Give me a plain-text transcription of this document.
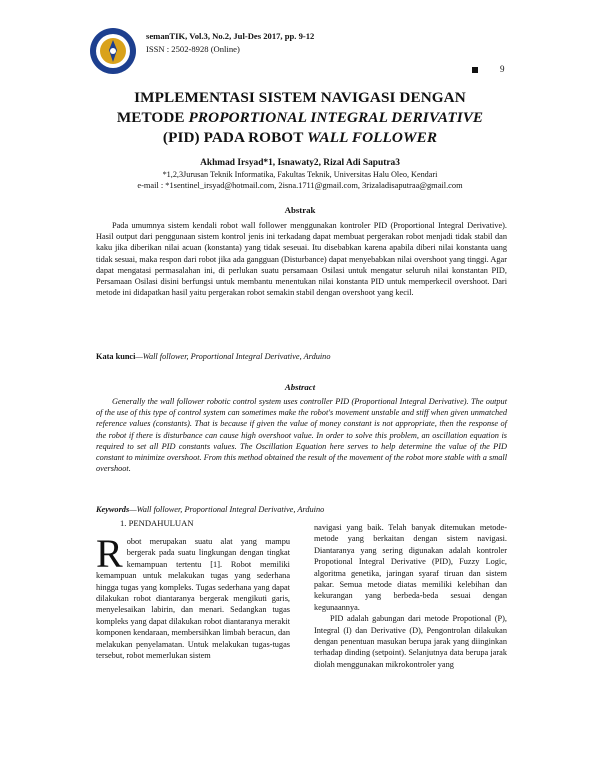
semanTIK, Vol.3, No.2, Jul-Des 2017, pp. 9-12
ISSN : 2502-8928 (Online)
9
IMPLEMENTASI SISTEM NAVIGASI DENGAN
METODE PROPORTIONAL INTEGRAL DERIVATIVE
(PID) PADA ROBOT WALL FOLLOWER
Akhmad Irsyad*1, Isnawaty2, Rizal Adi Saputra3
*1,2,3Jurusan Teknik Informatika, Fakultas Teknik, Universitas Halu Oleo, Kendari
e-mail : *1sentinel_irsyad@hotmail.com, 2isna.1711@gmail.com, 3rizaladisaputraa@gmail.com
Abstrak
Pada umumnya sistem kendali robot wall follower menggunakan kontroler PID (Proportional Integral Derivative). Hasil output dari penggunaan sistem kontrol jenis ini terkadang dapat membuat pergerakan robot menjadi tidak stabil dan kaku jika diberikan nilai acuan (konstanta) yang tidak seseuai. Itu disebabkan karena apabila diberi nilai konstanta uang tidak sesuai, maka respon dari robot jika ada gangguan (Disturbance) dapat menyebabkan nilai overshoot yang tinggi. Agar dapat mengatasi permasalahan ini, di perlukan suatu persamaan Osilasi untuk mengatur seluruh nilai konstantan PID, Persamaan Osilasi disini berfungsi untuk membantu menentukan nilai konstanta PID untuk memperkecil overshoot. Dari metode ini didapatkan hasil yaitu pergerakan robot semakin stabil dengan overshoot yang kecil.
Kata kunci—Wall follower, Proportional Integral Derivative, Arduino
Abstract
Generally the wall follower robotic control system uses controller PID (Proportional Integral Derivative). The output of the use of this type of control system can sometimes make the robot's movement unstable and stiff when given unmatched reference values (constants). That is because if given the value of money constant is not appropriate, then the response of the robot if there is disturbance can cause high overshoot value. In order to solve this problem, an oscillation equation is required to set all PID constants values. The Oscillation Equation here serves to help determine the value of the PID constant to minimize overshoot. From this method obtained the result of the movement of the robot more stable with a small overshoot.
Keywords—Wall follower, Proportional Integral Derivative, Arduino
1. PENDAHULUAN
Robot merupakan suatu alat yang mampu bergerak pada suatu lingkungan dengan tingkat kemampuan tertentu [1]. Robot memiliki kemampuan untuk melakukan tugas yang sederhana hingga tugas yang kompleks. Tugas sederhana yang dapat dilakukan robot diantaranya bergerak mengikuti garis, menyelesaikan labirin, dan menari. Sedangkan tugas kompleks yang dapat dilakukan robot diantaranya merakit komponen kendaraan, membersihkan limbah beracun, dan melakukan penyelamatan. Untuk melakukan tugas-tugas tersebut, robot memerlukan sistem

navigasi yang baik. Telah banyak ditemukan metode-metode yang berkaitan dengan sistem navigasi. Diantaranya yang sering digunakan adalah kontroler Propotional Integral Derivative (PID), Fuzzy Logic, algoritma genetika, jaringan syaraf tiruan dan sistem pakar. Semua metode diatas memiliki kelebihan dan kekurangan yang berbeda-beda sesuai dengan kegunaannya.

PID adalah gabungan dari metode Propotional (P), Integral (I) dan Derivative (D), Pengontrolan dilakukan dengan penentuan masukan berupa jarak yang diinginkan terhadap dinding (setpoint). Selanjutnya data berupa jarak diolah menggunakan mikrokontroler yang
